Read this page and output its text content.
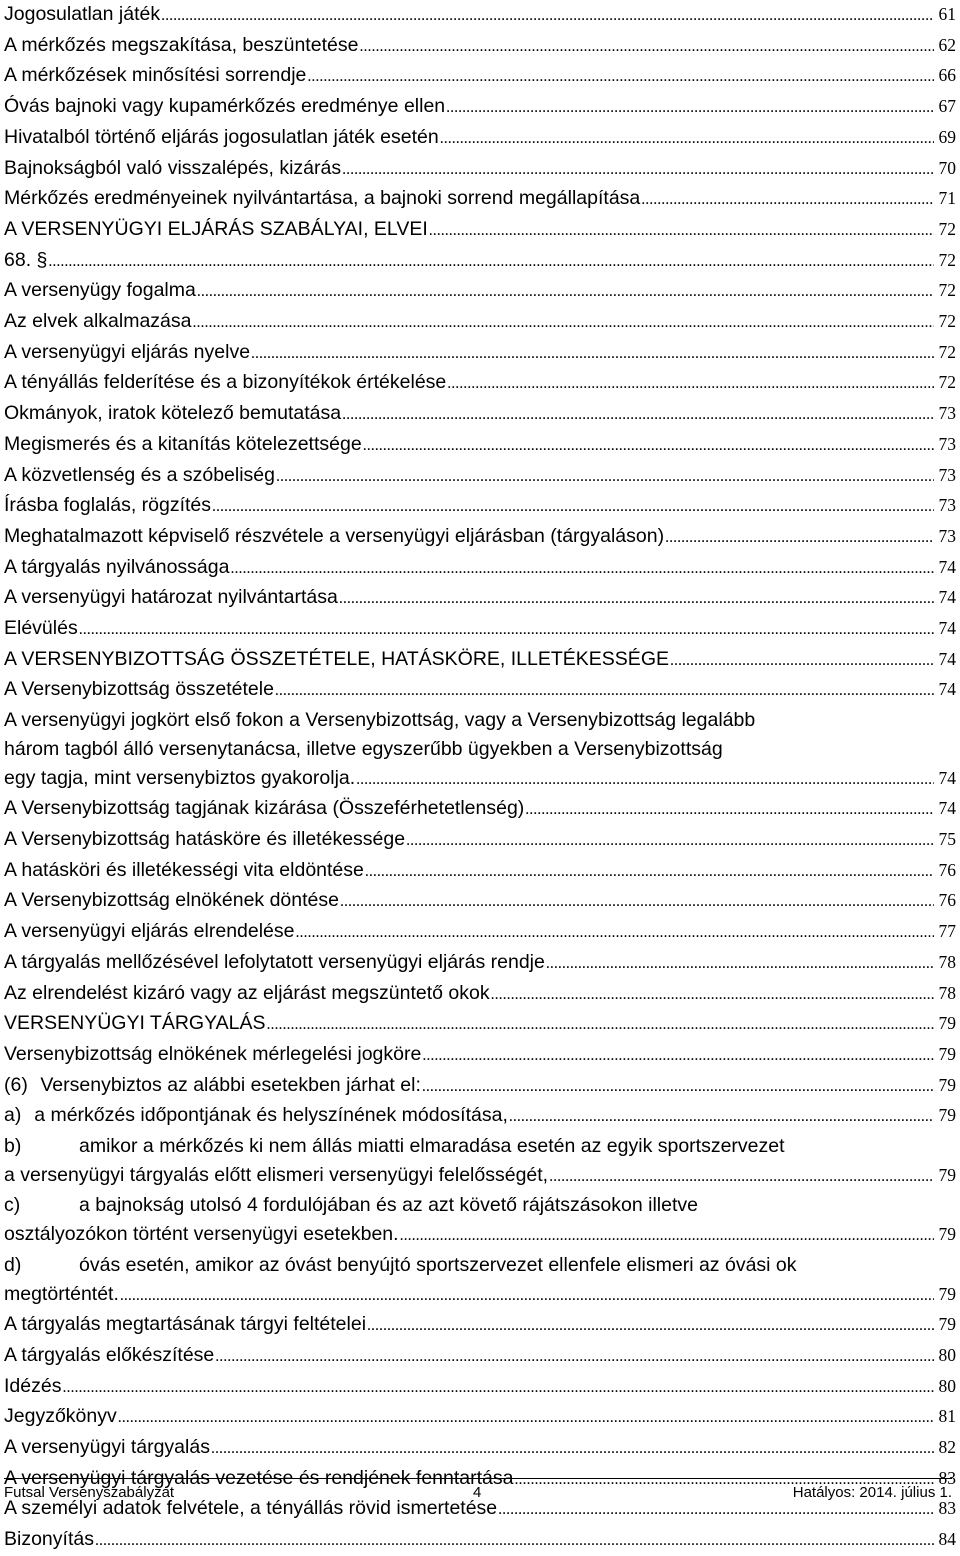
Jogosulatlan játék .....	61
A mérkőzés megszakítása, beszüntetése .....	62
A mérkőzések minősítési sorrendje .....	66
Óvás bajnoki vagy kupamérkőzés eredménye ellen .....	67
Hivatalból történő eljárás jogosulatlan játék esetén .....	69
Bajnokságból való visszalépés, kizárás .....	70
Mérkőzés eredményeinek nyilvántartása, a bajnoki sorrend megállapítása .....	71
A VERSENYÜGYI ELJÁRÁS SZABÁLYAI, ELVEI .....	72
68. § .....	72
A versenyügy fogalma .....	72
Az elvek alkalmazása .....	72
A versenyügyi eljárás nyelve .....	72
A tényállás felderítése és a bizonyítékok értékelése .....	72
Okmányok, iratok kötelező bemutatása .....	73
Megismerés és a kitanítás kötelezettsége .....	73
A közvetlenség és a szóbeliség .....	73
Írásba foglalás, rögzítés .....	73
Meghatalmazott képviselő részvétele a versenyügyi eljárásban (tárgyaláson) .....	73
A tárgyalás nyilvánossága .....	74
A versenyügyi határozat nyilvántartása .....	74
Elévülés .....	74
A VERSENYBIZOTTSÁG ÖSSZETÉTELE, HATÁSKÖRE, ILLETÉKESSÉGE .....	74
A Versenybizottság összetétele .....	74
A versenyügyi jogkört első fokon a Versenybizottság, vagy a Versenybizottság legalább
három tagból álló versenytanácsa, illetve egyszerűbb ügyekben a Versenybizottság
egy tagja, mint versenybiztos gyakorolja. .....	74
A Versenybizottság tagjának kizárása (Összeférhetetlenség) .....	74
A Versenybizottság hatásköre és illetékessége .....	75
A hatásköri és illetékességi vita eldöntése .....	76
A Versenybizottság elnökének döntése .....	76
A versenyügyi eljárás elrendelése .....	77
A tárgyalás mellőzésével lefolytatott versenyügyi eljárás rendje .....	78
Az elrendelést kizáró vagy az eljárást megszüntető okok .....	78
VERSENYÜGYI TÁRGYALÁS .....	79
Versenybizottság elnökének mérlegelési jogköre .....	79
(6) Versenybiztos az alábbi esetekben járhat el: .....	79
a) a mérkőzés időpontjának és helyszínének módosítása, .....	79
b)	amikor a mérkőzés ki nem állás miatti elmaradása esetén az egyik sportszervezet
a versenyügyi tárgyalás előtt elismeri versenyügyi felelősségét, .....	79
c)	a bajnokság utolsó 4 fordulójában és az azt követő rájátszásokon illetve
osztályozókon történt versenyügyi esetekben. .....	79
d)	óvás esetén, amikor az óvást benyújtó sportszervezet ellenfele elismeri az óvási ok
megtörténtét. .....	79
A tárgyalás megtartásának tárgyi feltételei .....	79
A tárgyalás előkészítése .....	80
Idézés .....	80
Jegyzőkönyv .....	81
A versenyügyi tárgyalás .....	82
A versenyügyi tárgyalás vezetése és rendjének fenntartása .....	83
A személyi adatok felvétele, a tényállás rövid ismertetése .....	83
Bizonyítás .....	84
Futsal Versenyszabályzat	4	Hatályos: 2014. július 1.
